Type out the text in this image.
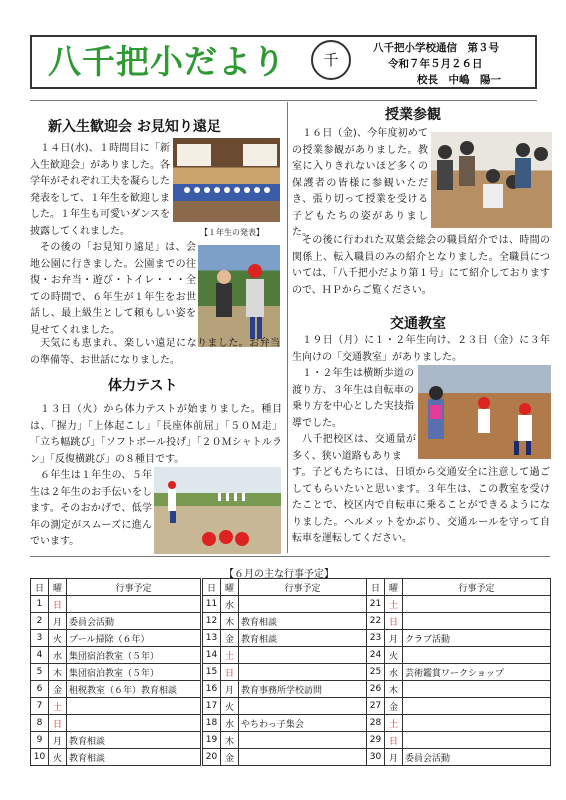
八千把小だより	千
八千把小学校通信　第３号
令和７年５月２６日
校長　中嶋　陽一
新入生歓迎会 お見知り遠足

１４日(水)、１時間目に「新入生歓迎会」がありました。各学年がそれぞれ工夫を凝らした発表をして、１年生を歓迎しました。１年生も可愛いダンスを披露してくれました。	【１年生の発表】

その後の「お見知り遠足」は、会地公園に行きました。公園までの往復・お弁当・遊び・トイレ・・・全ての時間で、６年生が１年生をお世話し、最上級生として頼もしい姿を見せてくれました。

天気にも恵まれ、楽しい遠足になりました。お弁当の準備等、お世話になりました。

体力テスト

１３日（火）から体力テストが始まりました。種目は、「握力」「上体起こし」「長座体前屈」「５０Ｍ走」「立ち幅跳び」「ソフトボール投げ」「２０Ｍシャトルラン」「反復横跳び」の８種目です。

６年生は１年生の、５年生は２年生のお手伝いをします。そのおかげで、低学年の測定がスムーズに進んでいます。

授業参観

１６日（金)、今年度初めての授業参観がありました。教室に入りきれないほど多くの保護者の皆様に参観いただき、張り切って授業を受ける子どもたちの姿がありました。

その後に行われた双葉会総会の職員紹介では、時間の関係上、転入職員のみの紹介となりました。全職員については、「八千把小だより第１号」にて紹介しておりますので、ＨＰからご覧ください。

交通教室

１９日（月）に１・２年生向け、２３日（金）に３年生向けの「交通教室」がありました。

１・２年生は横断歩道の渡り方、３年生は自転車の乗り方を中心とした実技指導でした。

八千把校区は、交通量が多く、狭い道路もありま

す。子どもたちには、日頃から交通安全に注意して過ごしてもらいたいと思います。３年生は、この教室を受けたことで、校区内で自転車に乗ることができるようになりました。ヘルメットをかぶり、交通ルールを守って自転車を運転してください。

【６月の主な行事予定】
日	曜	行事予定
1	日	
2	月	委員会活動
3	火	プール掃除（６年）
4	水	集団宿泊教室（５年）
5	木	集団宿泊教室（５年）
6	金	租税教室（６年）教育相談
7	土	
8	日	
9	月	教育相談
10	火	教育相談
日	曜	行事予定
11	水	
12	木	教育相談
13	金	教育相談
14	土	
15	日	
16	月	教育事務所学校訪問
17	火	
18	水	やちわっ子集会
19	木	
20	金	
日	曜	行事予定
21	土	
22	日	
23	月	クラブ活動
24	火	
25	水	芸術鑑賞ワークショップ
26	木	
27	金	
28	土	
29	日	
30	月	委員会活動
